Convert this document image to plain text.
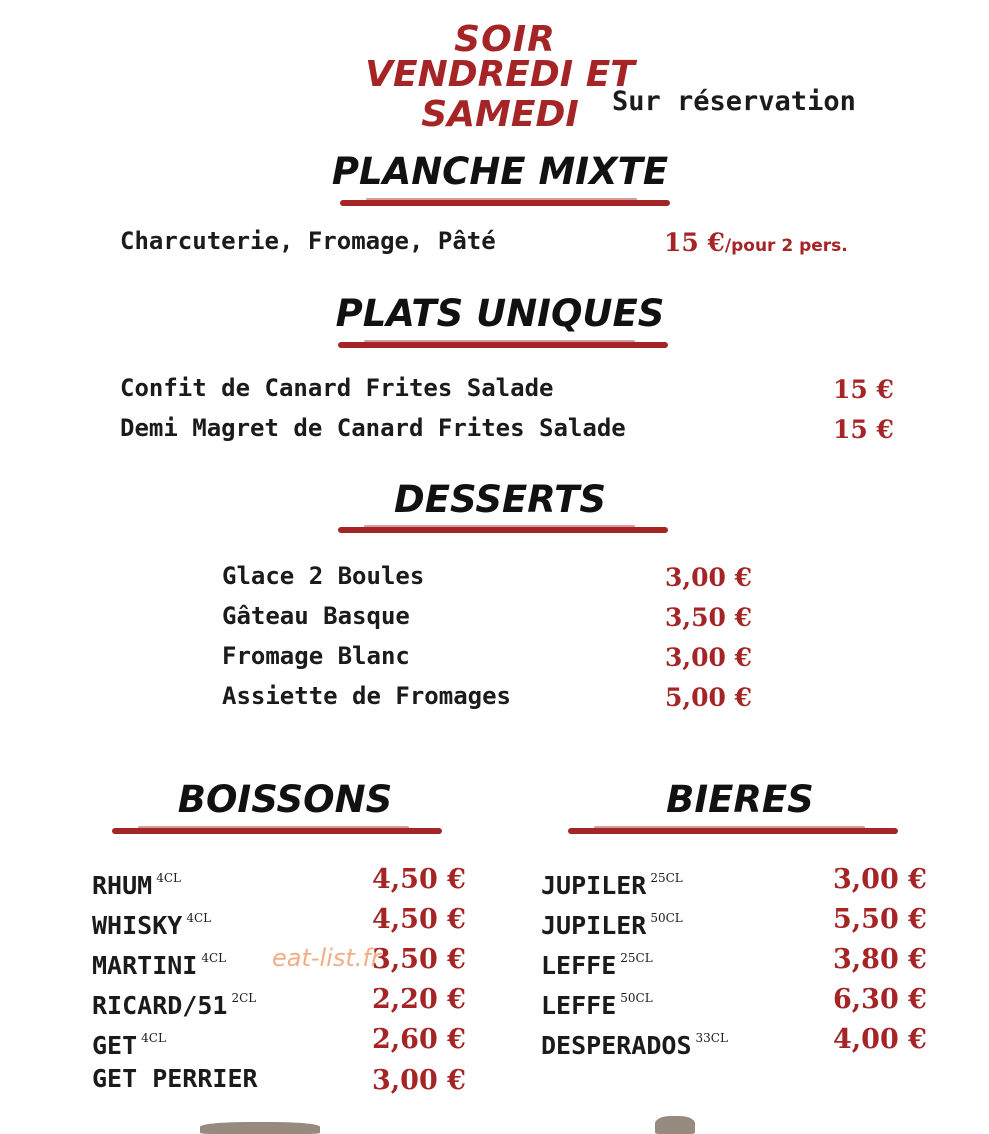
SOIR
VENDREDI ET SAMEDI	Sur réservation
PLANCHE MIXTE
Charcuterie, Fromage, Pâté	15 €/pour 2 pers.
PLATS UNIQUES
Confit de Canard Frites Salade	15 €
Demi Magret de Canard Frites Salade	15 €
DESSERTS
Glace 2 Boules	3,00 €
Gâteau Basque	3,50 €
Fromage Blanc	3,00 €
Assiette de Fromages	5,00 €
BOISSONS
RHUM $^{4CL}$	4,50 €
WHISKY $^{4CL}$	4,50 €
MARTINI $^{4CL}$	3,50 €
RICARD/51 $^{2CL}$	2,20 €
GET $^{4CL}$	2,60 €
GET PERRIER	3,00 €
BIERES
JUPILER $^{25CL}$	3,00 €
JUPILER $^{50CL}$	5,50 €
LEFFE $^{25CL}$	3,80 €
LEFFE $^{50CL}$	6,30 €
DESPERADOS $^{33CL}$	4,00 €
eat-list.fr
